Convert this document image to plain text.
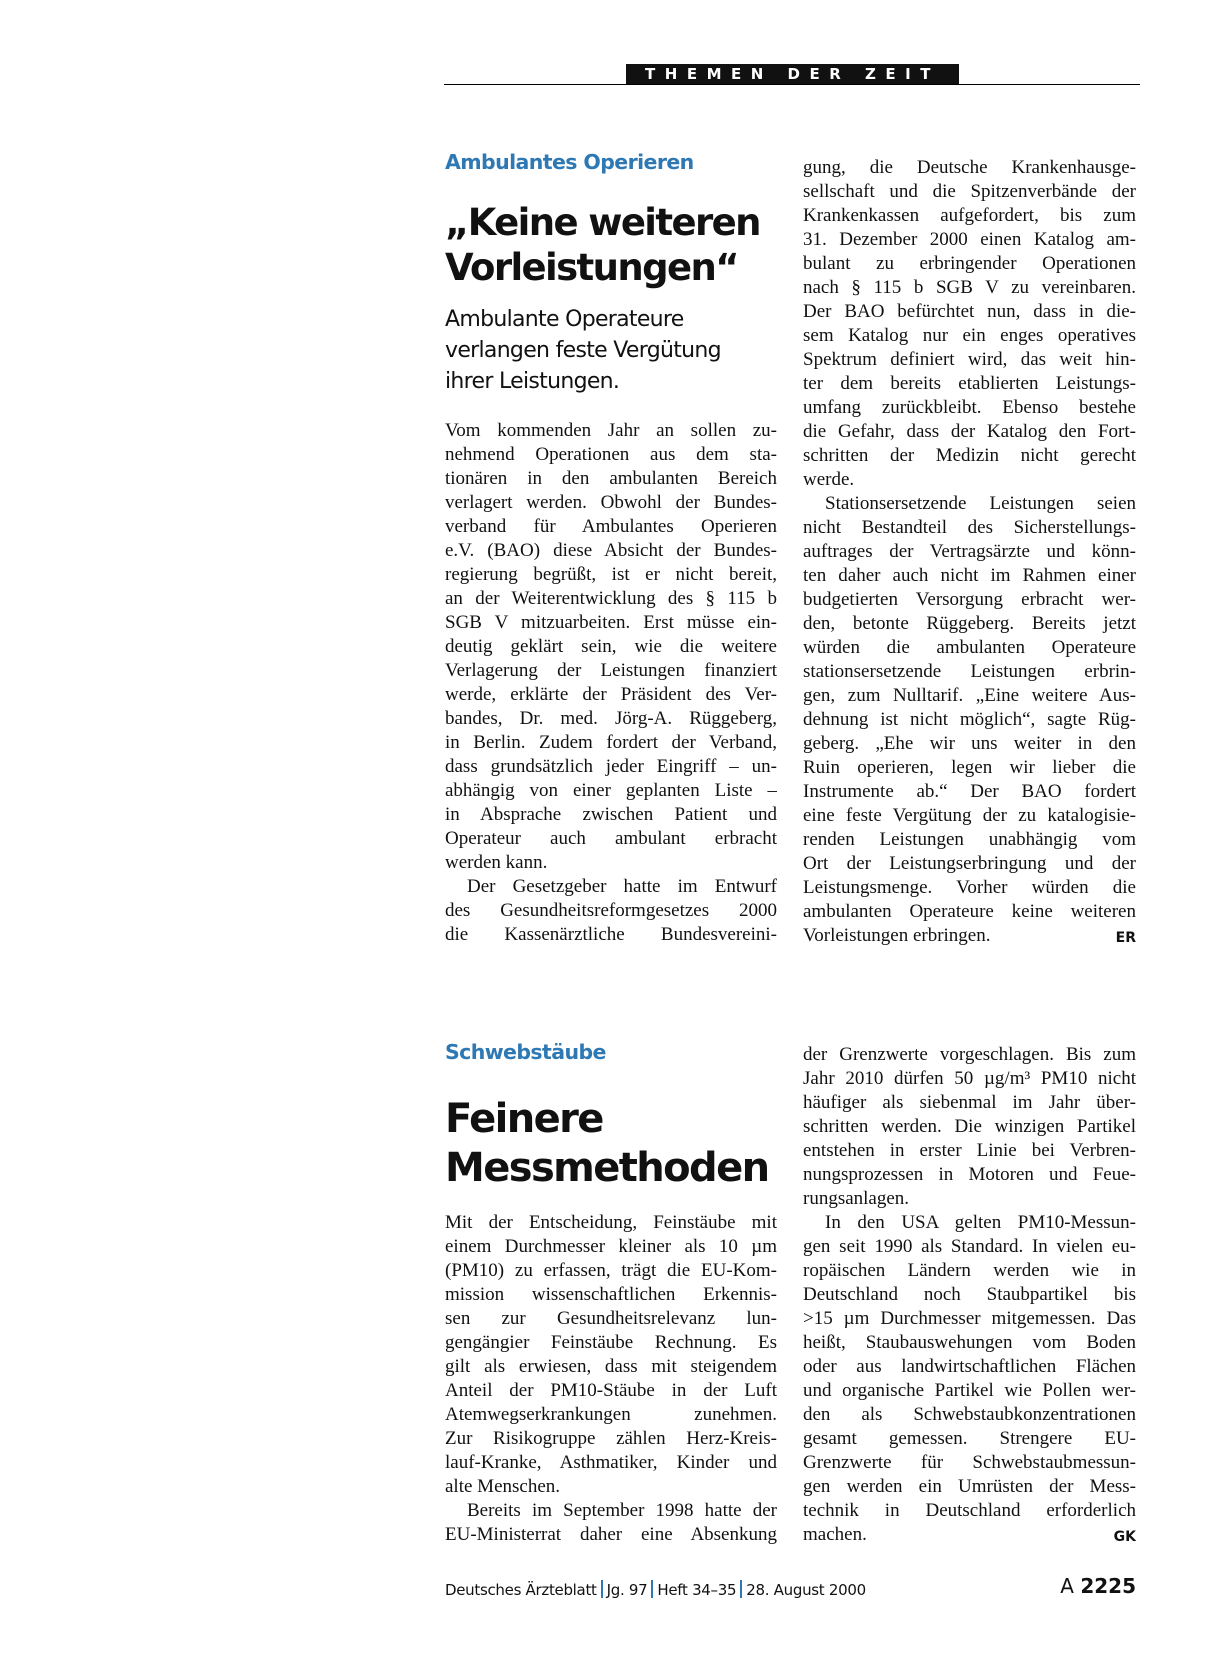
THEMEN DER ZEIT
Ambulantes Operieren
„Keine weiteren
Vorleistungen“
Ambulante Operateure
verlangen feste Vergütung
ihrer Leistungen.
Vom kommenden Jahr an sollen zu-
nehmend Operationen aus dem sta-
tionären in den ambulanten Bereich
verlagert werden. Obwohl der Bundes-
verband für Ambulantes Operieren
e.V. (BAO) diese Absicht der Bundes-
regierung begrüßt, ist er nicht bereit,
an der Weiterentwicklung des § 115 b
SGB V mitzuarbeiten. Erst müsse ein-
deutig geklärt sein, wie die weitere
Verlagerung der Leistungen finanziert
werde, erklärte der Präsident des Ver-
bandes, Dr. med. Jörg-A. Rüggeberg,
in Berlin. Zudem fordert der Verband,
dass grundsätzlich jeder Eingriff – un-
abhängig von einer geplanten Liste –
in Absprache zwischen Patient und
Operateur auch ambulant erbracht
werden kann.
Der Gesetzgeber hatte im Entwurf
des Gesundheitsreformgesetzes 2000
die Kassenärztliche Bundesvereini-
gung, die Deutsche Krankenhausge-
sellschaft und die Spitzenverbände der
Krankenkassen aufgefordert, bis zum
31. Dezember 2000 einen Katalog am-
bulant zu erbringender Operationen
nach § 115 b SGB V zu vereinbaren.
Der BAO befürchtet nun, dass in die-
sem Katalog nur ein enges operatives
Spektrum definiert wird, das weit hin-
ter dem bereits etablierten Leistungs-
umfang zurückbleibt. Ebenso bestehe
die Gefahr, dass der Katalog den Fort-
schritten der Medizin nicht gerecht
werde.
Stationsersetzende Leistungen seien
nicht Bestandteil des Sicherstellungs-
auftrages der Vertragsärzte und könn-
ten daher auch nicht im Rahmen einer
budgetierten Versorgung erbracht wer-
den, betonte Rüggeberg. Bereits jetzt
würden die ambulanten Operateure
stationsersetzende Leistungen erbrin-
gen, zum Nulltarif. „Eine weitere Aus-
dehnung ist nicht möglich“, sagte Rüg-
geberg. „Ehe wir uns weiter in den
Ruin operieren, legen wir lieber die
Instrumente ab.“ Der BAO fordert
eine feste Vergütung der zu katalogisie-
renden Leistungen unabhängig vom
Ort der Leistungserbringung und der
Leistungsmenge. Vorher würden die
ambulanten Operateure keine weiteren
Vorleistungen erbringen.	ER
Schwebstäube
Feinere
Messmethoden
Mit der Entscheidung, Feinstäube mit
einem Durchmesser kleiner als 10 µm
(PM10) zu erfassen, trägt die EU-Kom-
mission wissenschaftlichen Erkennis-
sen zur Gesundheitsrelevanz lun-
gengängier Feinstäube Rechnung. Es
gilt als erwiesen, dass mit steigendem
Anteil der PM10-Stäube in der Luft
Atemwegserkrankungen zunehmen.
Zur Risikogruppe zählen Herz-Kreis-
lauf-Kranke, Asthmatiker, Kinder und
alte Menschen.
Bereits im September 1998 hatte der
EU-Ministerrat daher eine Absenkung
der Grenzwerte vorgeschlagen. Bis zum
Jahr 2010 dürfen 50 µg/m³ PM10 nicht
häufiger als siebenmal im Jahr über-
schritten werden. Die winzigen Partikel
entstehen in erster Linie bei Verbren-
nungsprozessen in Motoren und Feue-
rungsanlagen.
In den USA gelten PM10-Messun-
gen seit 1990 als Standard. In vielen eu-
ropäischen Ländern werden wie in
Deutschland noch Staubpartikel bis
>15 µm Durchmesser mitgemessen. Das
heißt, Staubauswehungen vom Boden
oder aus landwirtschaftlichen Flächen
und organische Partikel wie Pollen wer-
den als Schwebstaubkonzentrationen
gesamt gemessen. Strengere EU-
Grenzwerte für Schwebstaubmessun-
gen werden ein Umrüsten der Mess-
technik in Deutschland erforderlich
machen.	GK
Deutsches Ärzteblatt Jg. 97 Heft 34–35 28. August 2000	A 2225
